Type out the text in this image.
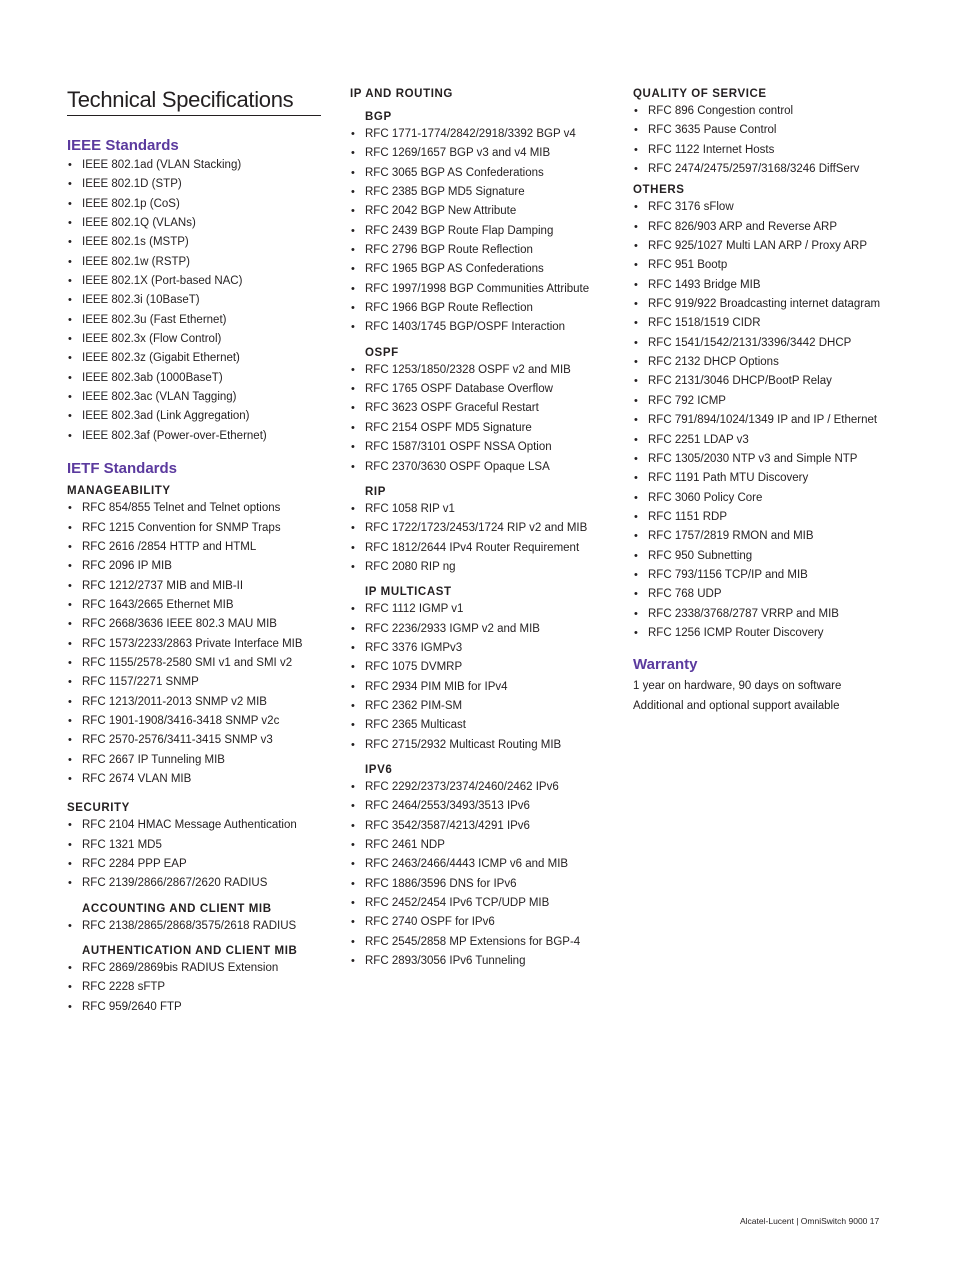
Technical Specifications
IEEE Standards
• IEEE 802.1ad (VLAN Stacking)
• IEEE 802.1D (STP)
• IEEE 802.1p (CoS)
• IEEE 802.1Q (VLANs)
• IEEE 802.1s (MSTP)
• IEEE 802.1w (RSTP)
• IEEE 802.1X (Port-based NAC)
• IEEE 802.3i (10BaseT)
• IEEE 802.3u (Fast Ethernet)
• IEEE 802.3x (Flow Control)
• IEEE 802.3z (Gigabit Ethernet)
• IEEE 802.3ab (1000BaseT)
• IEEE 802.3ac (VLAN Tagging)
• IEEE 802.3ad (Link Aggregation)
• IEEE 802.3af (Power-over-Ethernet)
IETF Standards
MANAGEABILITY
• RFC 854/855 Telnet and Telnet options
• RFC 1215 Convention for SNMP Traps
• RFC 2616 /2854 HTTP and HTML
• RFC 2096 IP MIB
• RFC 1212/2737 MIB and MIB-II
• RFC 1643/2665 Ethernet MIB
• RFC 2668/3636 IEEE 802.3 MAU MIB
• RFC 1573/2233/2863 Private Interface MIB
• RFC 1155/2578-2580 SMI v1 and SMI v2
• RFC 1157/2271 SNMP
• RFC 1213/2011-2013 SNMP v2 MIB
• RFC 1901-1908/3416-3418 SNMP v2c
• RFC 2570-2576/3411-3415 SNMP v3
• RFC 2667 IP Tunneling MIB
• RFC 2674 VLAN MIB
SECURITY
• RFC 2104 HMAC Message Authentication
• RFC 1321 MD5
• RFC 2284 PPP EAP
• RFC 2139/2866/2867/2620 RADIUS
ACCOUNTING AND CLIENT MIB
• RFC 2138/2865/2868/3575/2618 RADIUS
AUTHENTICATION AND CLIENT MIB
• RFC 2869/2869bis RADIUS Extension
• RFC 2228 sFTP
• RFC 959/2640 FTP
IP AND ROUTING
BGP
• RFC 1771-1774/2842/2918/3392 BGP v4
• RFC 1269/1657 BGP v3 and v4 MIB
• RFC 3065 BGP AS Confederations
• RFC 2385 BGP MD5 Signature
• RFC 2042 BGP New Attribute
• RFC 2439 BGP Route Flap Damping
• RFC 2796 BGP Route Reflection
• RFC 1965 BGP AS Confederations
• RFC 1997/1998 BGP Communities Attribute
• RFC 1966 BGP Route Reflection
• RFC 1403/1745 BGP/OSPF Interaction
OSPF
• RFC 1253/1850/2328 OSPF v2 and MIB
• RFC 1765 OSPF Database Overflow
• RFC 3623 OSPF Graceful Restart
• RFC 2154 OSPF MD5 Signature
• RFC 1587/3101 OSPF NSSA Option
• RFC 2370/3630 OSPF Opaque LSA
RIP
• RFC 1058 RIP v1
• RFC 1722/1723/2453/1724 RIP v2 and MIB
• RFC 1812/2644 IPv4 Router Requirement
• RFC 2080 RIP ng
IP MULTICAST
• RFC 1112 IGMP v1
• RFC 2236/2933 IGMP v2 and MIB
• RFC 3376 IGMPv3
• RFC 1075 DVMRP
• RFC 2934 PIM MIB for IPv4
• RFC 2362 PIM-SM
• RFC 2365 Multicast
• RFC 2715/2932 Multicast Routing MIB
IPV6
• RFC 2292/2373/2374/2460/2462 IPv6
• RFC 2464/2553/3493/3513 IPv6
• RFC 3542/3587/4213/4291 IPv6
• RFC 2461 NDP
• RFC 2463/2466/4443 ICMP v6 and MIB
• RFC 1886/3596 DNS for IPv6
• RFC 2452/2454 IPv6 TCP/UDP MIB
• RFC 2740 OSPF for IPv6
• RFC 2545/2858 MP Extensions for BGP-4
• RFC 2893/3056 IPv6 Tunneling
QUALITY OF SERVICE
• RFC 896 Congestion control
• RFC 3635 Pause Control
• RFC 1122 Internet Hosts
• RFC 2474/2475/2597/3168/3246 DiffServ
OTHERS
• RFC 3176 sFlow
• RFC 826/903 ARP and Reverse ARP
• RFC 925/1027 Multi LAN ARP / Proxy ARP
• RFC 951 Bootp
• RFC 1493 Bridge MIB
• RFC 919/922 Broadcasting internet datagram
• RFC 1518/1519 CIDR
• RFC 1541/1542/2131/3396/3442 DHCP
• RFC 2132 DHCP Options
• RFC 2131/3046 DHCP/BootP Relay
• RFC 792 ICMP
• RFC 791/894/1024/1349 IP and IP / Ethernet
• RFC 2251 LDAP v3
• RFC 1305/2030 NTP v3 and Simple NTP
• RFC 1191 Path MTU Discovery
• RFC 3060 Policy Core
• RFC 1151 RDP
• RFC 1757/2819 RMON and MIB
• RFC 950 Subnetting
• RFC 793/1156 TCP/IP and MIB
• RFC 768 UDP
• RFC 2338/3768/2787 VRRP and MIB
• RFC 1256 ICMP Router Discovery
Warranty

1 year on hardware, 90 days on software

Additional and optional support available

Alcatel-Lucent | OmniSwitch 9000 17
